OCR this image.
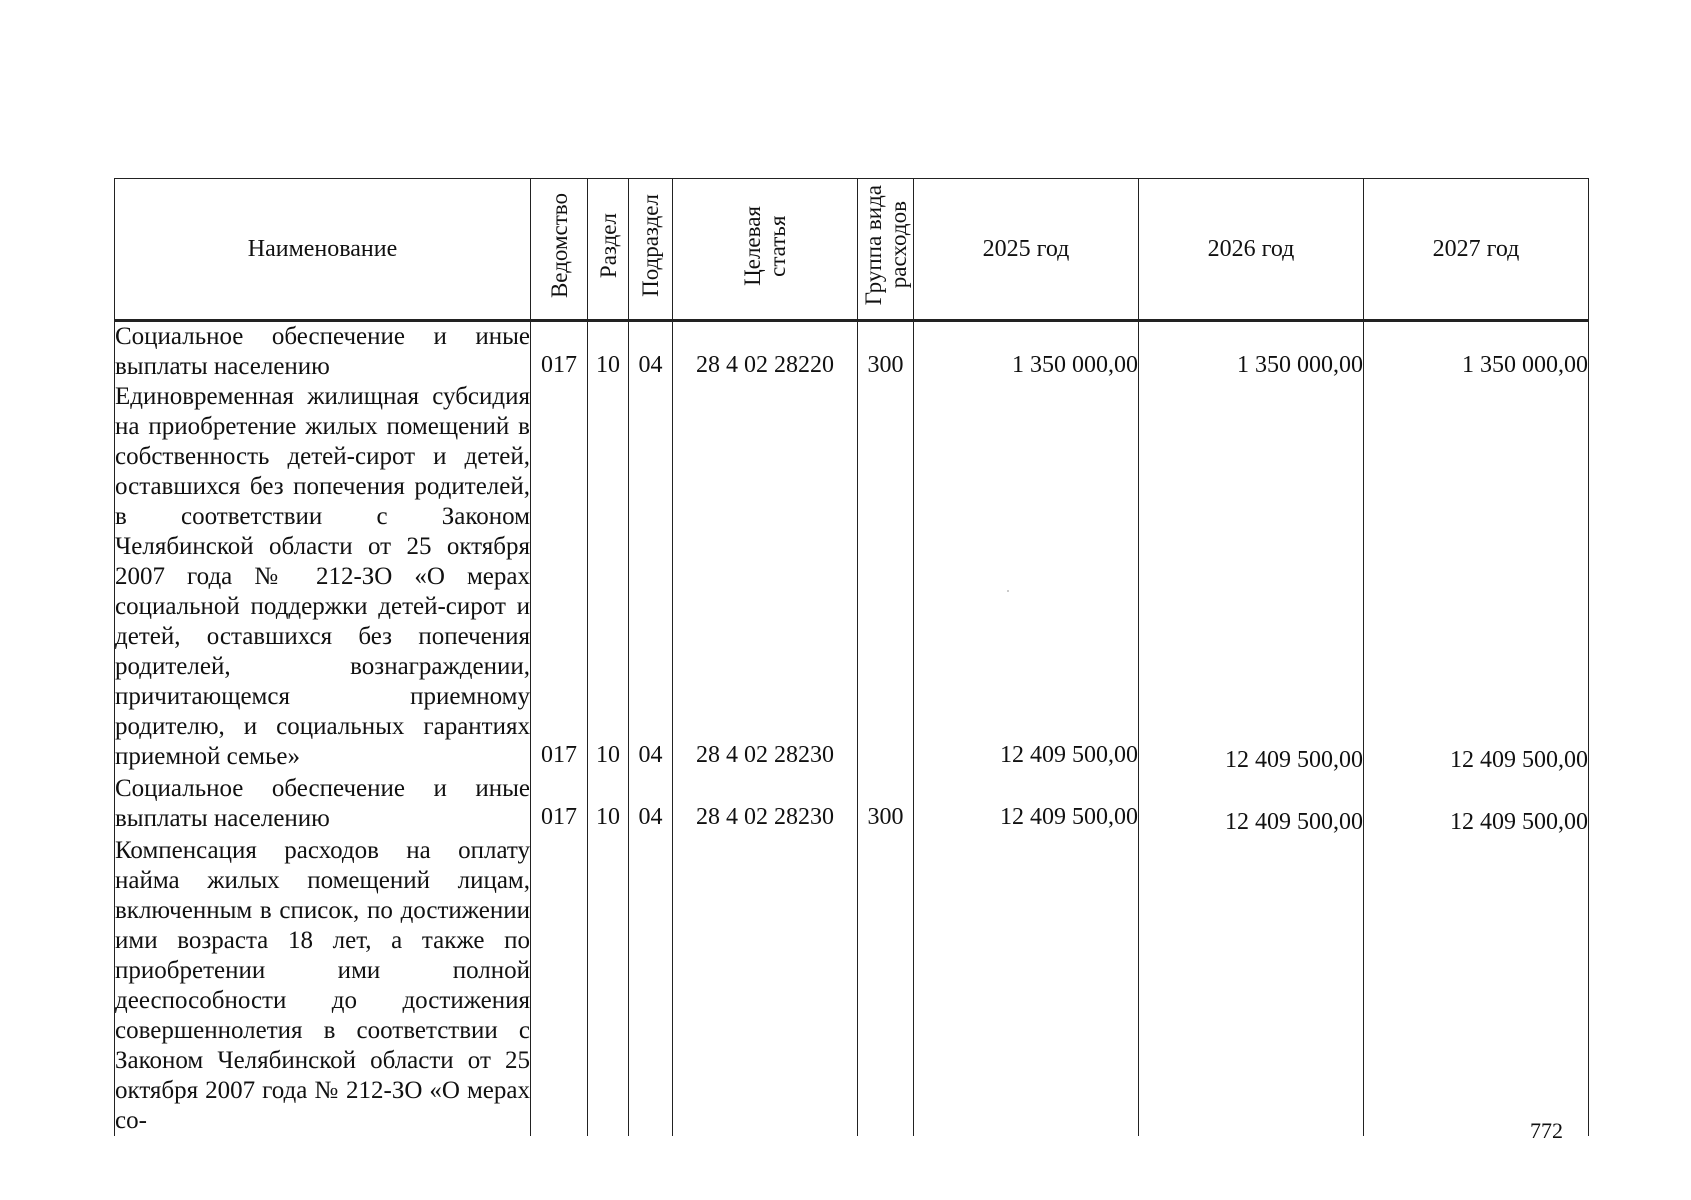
Наименование	Ведомство	Раздел	Подраздел	Целевая статья	Группа вида расходов	2025 год	2026 год	2027 год

Социальное обеспечение и иные выплаты населению	017	10	04	28 4 02 28220	300	1 350 000,00	1 350 000,00	1 350 000,00

Единовременная жилищная субсидия на приобретение жилых помещений в собственность детей-сирот и детей, оставшихся без попечения родителей, в соответствии с Законом Челябинской области от 25 октября 2007 года № 212-ЗО «О мерах социальной поддержки детей-сирот и детей, оставшихся без попечения родителей, вознаграждении, причитающемся приемному родителю, и социальных гарантиях приемной семье»	017	10	04	28 4 02 28230		12 409 500,00	12 409 500,00	12 409 500,00

Социальное обеспечение и иные выплаты населению	017	10	04	28 4 02 28230	300	12 409 500,00	12 409 500,00	12 409 500,00

Компенсация расходов на оплату найма жилых помещений лицам, включенным в список, по достижении ими возраста 18 лет, а также по приобретении ими полной дееспособности до достижения совершеннолетия в соответствии с Законом Челябинской области от 25 октября 2007 года № 212-ЗО «О мерах со-								

		772
